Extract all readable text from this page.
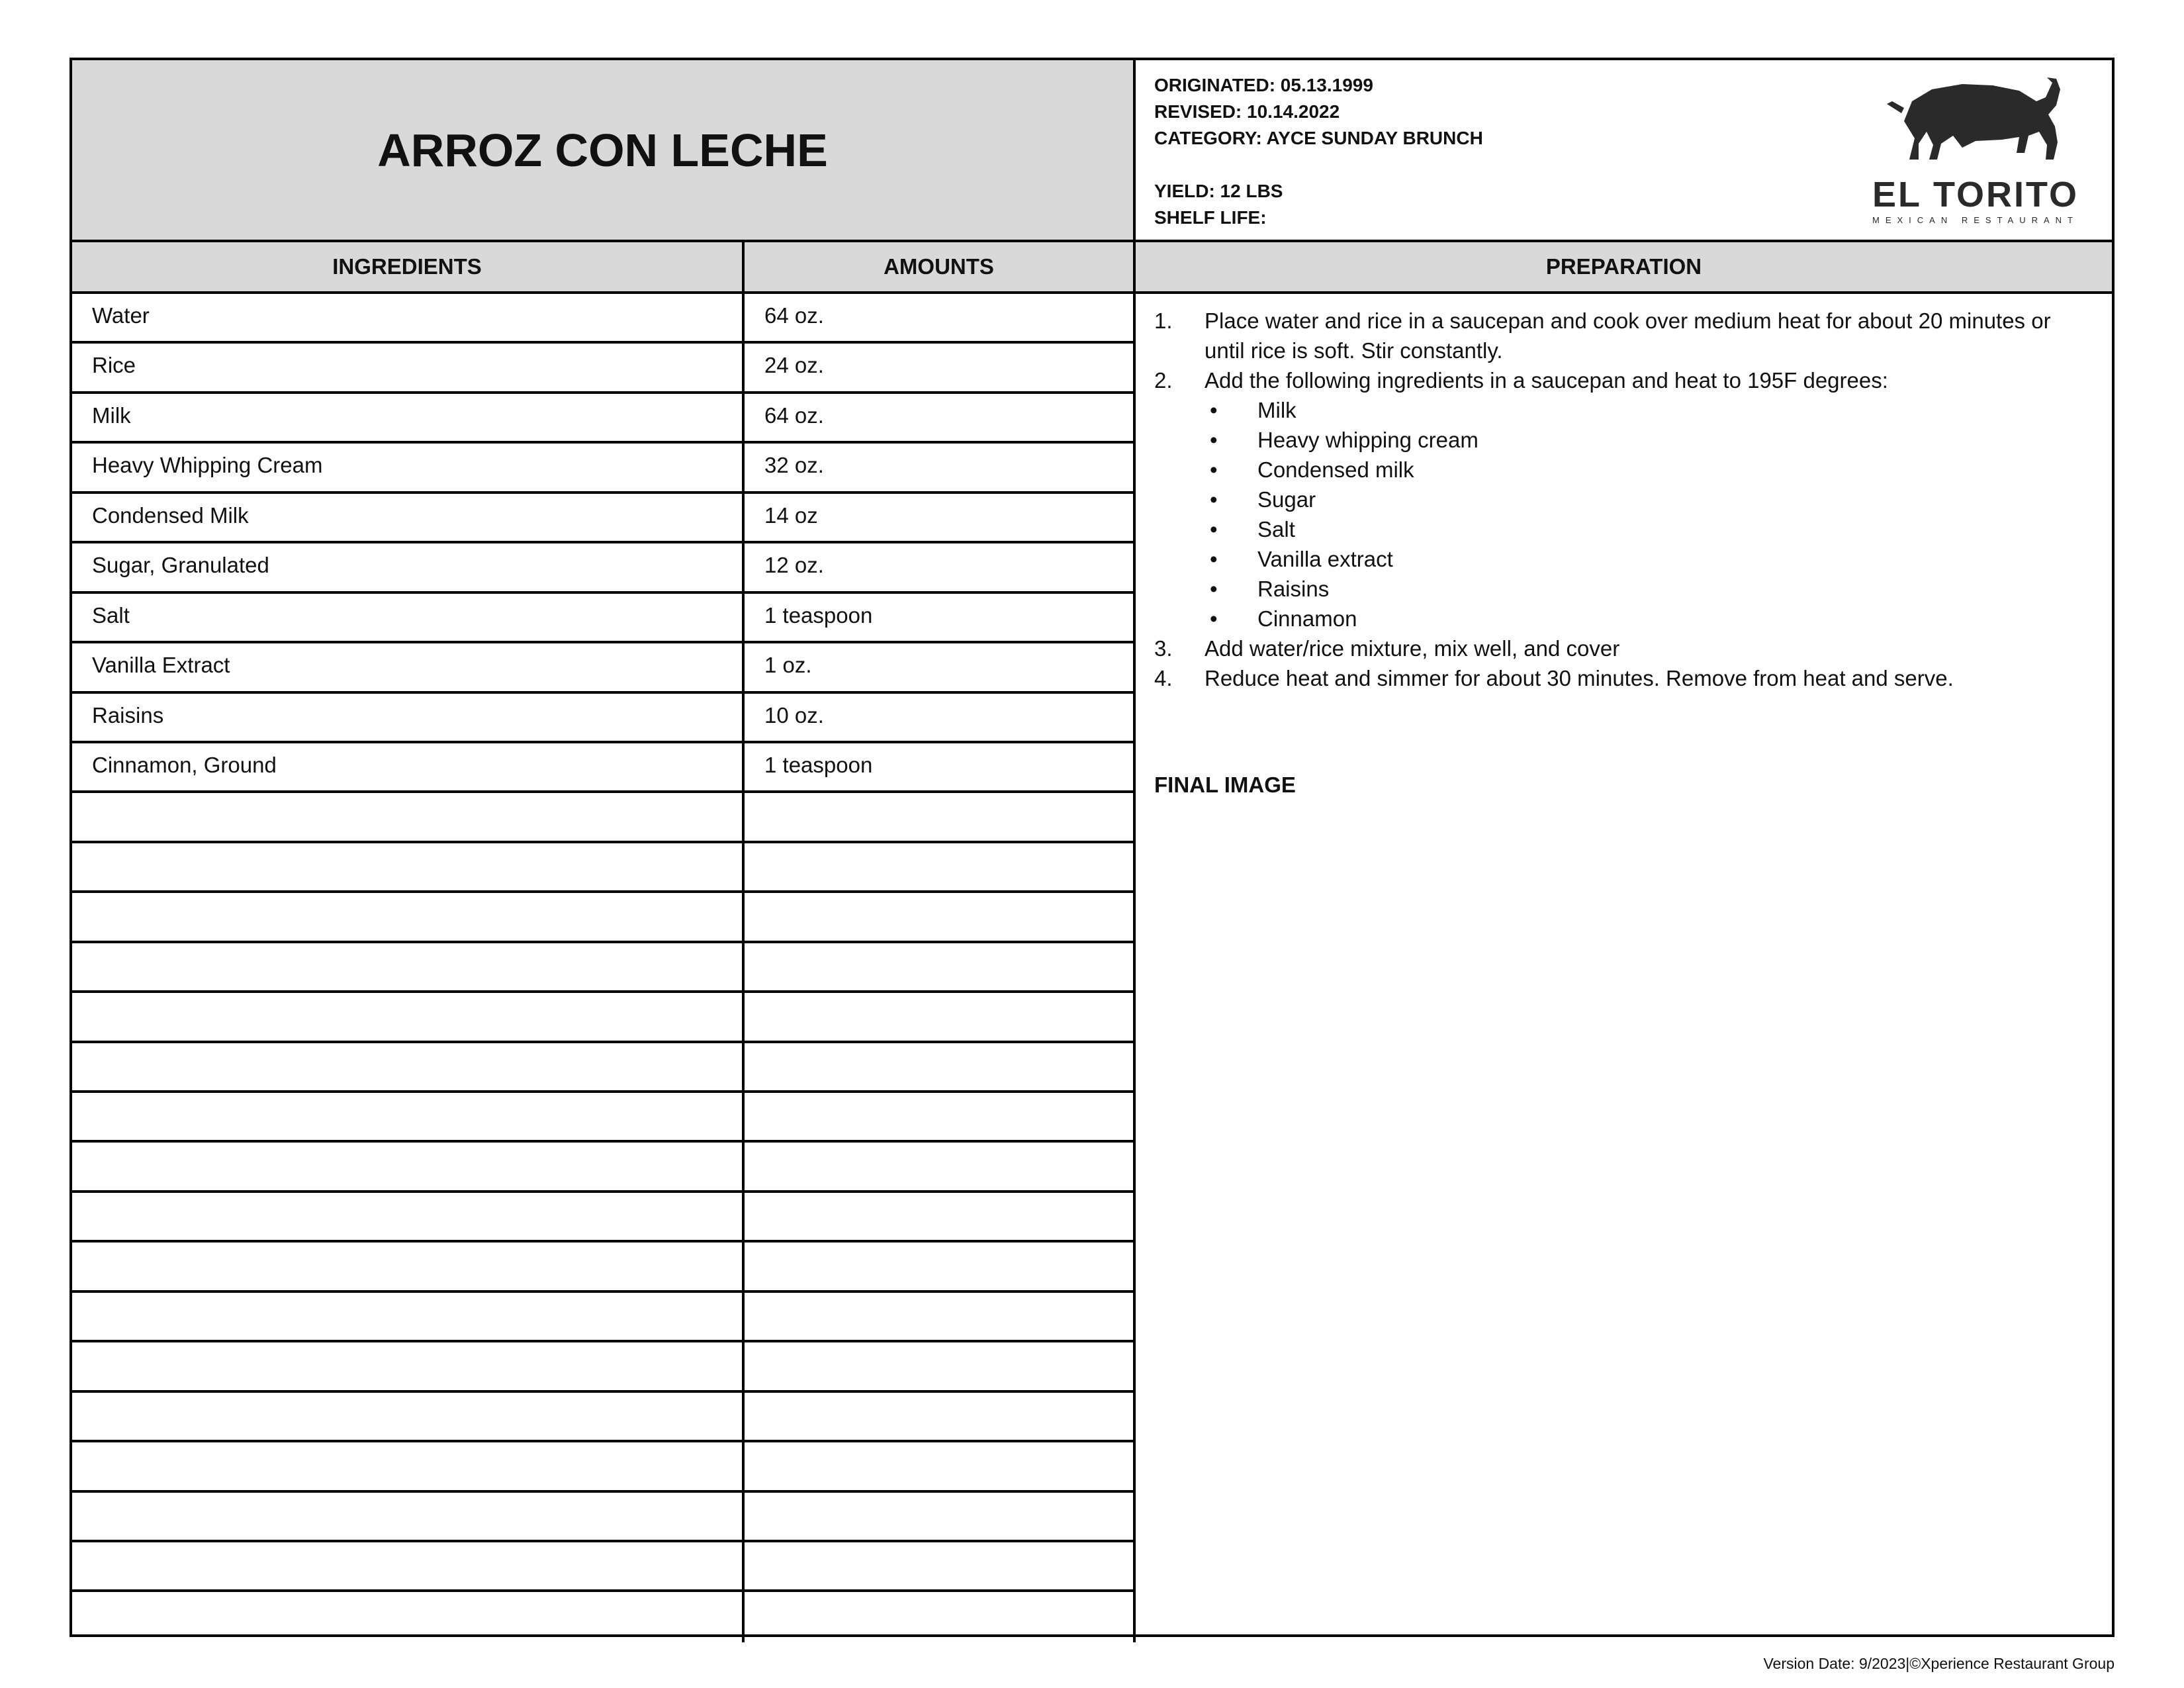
ARROZ CON LECHE
ORIGINATED: 05.13.1999
REVISED: 10.14.2022
CATEGORY: AYCE SUNDAY BRUNCH
YIELD: 12 LBS
SHELF LIFE:
EL TORITO
MEXICAN RESTAURANT
INGREDIENTS	AMOUNTS	PREPARATION
Water	64 oz.
Rice	24 oz.
Milk	64 oz.
Heavy Whipping Cream	32 oz.
Condensed Milk	14 oz
Sugar, Granulated	12 oz.
Salt	1 teaspoon
Vanilla Extract	1 oz.
Raisins	10 oz.
Cinnamon, Ground	1 teaspoon
1.	Place water and rice in a saucepan and cook over medium heat for about 20 minutes or until rice is soft. Stir constantly.
2.	Add the following ingredients in a saucepan and heat to 195F degrees:
•	Milk
•	Heavy whipping cream
•	Condensed milk
•	Sugar
•	Salt
•	Vanilla extract
•	Raisins
•	Cinnamon
3.	Add water/rice mixture, mix well, and cover
4.	Reduce heat and simmer for about 30 minutes. Remove from heat and serve.
FINAL IMAGE
Version Date: 9/2023|©Xperience Restaurant Group
